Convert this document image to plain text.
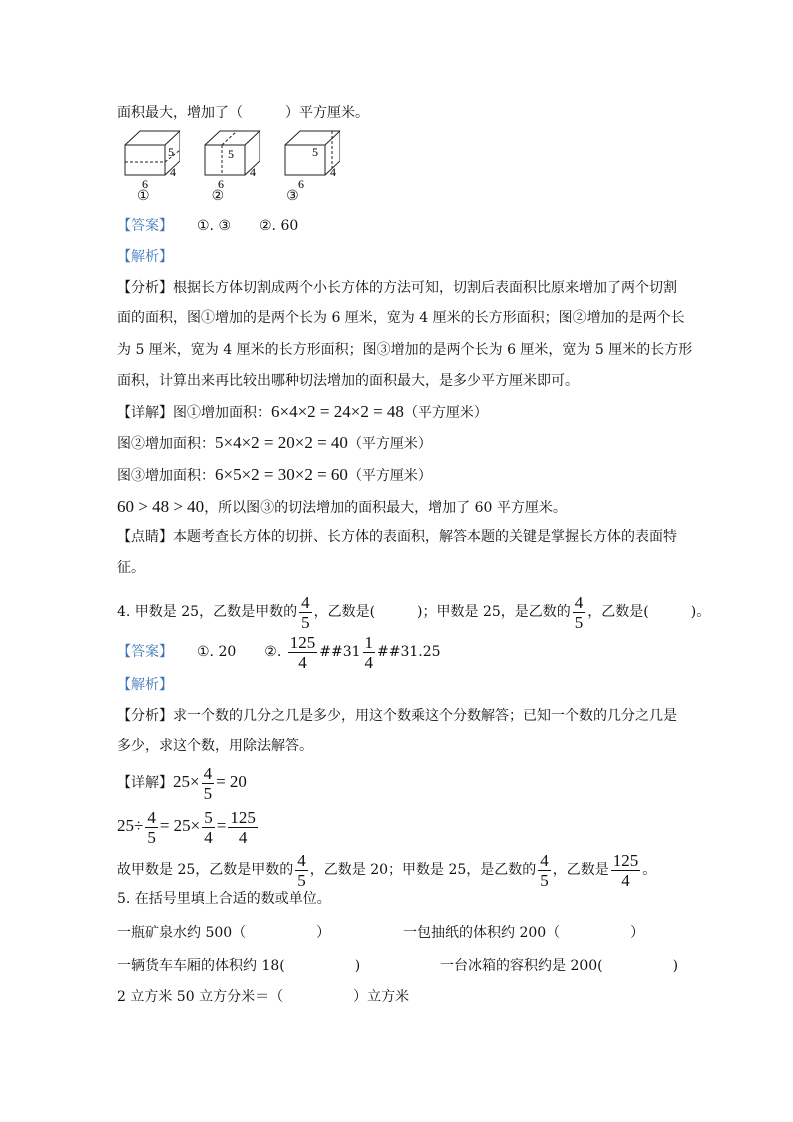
面积最大，增加了（　　　）平方厘米。
6
5
4
6
5
4
6
5
4
①	②	③
【答案】 ①. ③　　②. 60
【解析】
【分析】根据长方体切割成两个小长方体的方法可知，切割后表面积比原来增加了两个切割
面的面积，图①增加的是两个长为 6 厘米，宽为 4 厘米的长方形面积；图②增加的是两个长
为 5 厘米，宽为 4 厘米的长方形面积；图③增加的是两个长为 6 厘米，宽为 5 厘米的长方形
面积，计算出来再比较出哪种切法增加的面积最大，是多少平方厘米即可。
【详解】图①增加面积：6×4×2 = 24×2 = 48（平方厘米）
图②增加面积：5×4×2 = 20×2 = 40（平方厘米）
图③增加面积：6×5×2 = 30×2 = 60（平方厘米）
60 > 48 > 40，所以图③的切法增加的面积最大，增加了 60 平方厘米。
【点睛】本题考查长方体的切拼、长方体的表面积，解答本题的关键是掌握长方体的表面特
征。
4. 甲数是 25，乙数是甲数的 $\frac{4}{5}$ ，乙数是(　　　)；甲数是 25，是乙数的 $\frac{4}{5}$ ，乙数是(　　　)。
【答案】 ①. 20　　②. $\frac{125}{4}$ ##31 $\frac{1}{4}$ ##31.25
【解析】
【分析】求一个数的几分之几是多少，用这个数乘这个分数解答；已知一个数的几分之几是
多少，求这个数，用除法解答。
【详解】$25\times \frac{4}{5} = 20$
$25\div \frac{4}{5} = 25\times \frac{5}{4} = \frac{125}{4}$
故甲数是 25，乙数是甲数的 $\frac{4}{5}$ ，乙数是 20；甲数是 25，是乙数的 $\frac{4}{5}$ ，乙数是 $\frac{125}{4}$ 。
5. 在括号里填上合适的数或单位。
一瓶矿泉水约 500（　　　　　）	一包抽纸的体积约 200（　　　　　）
一辆货车车厢的体积约 18(　　　　　)	一台冰箱的容积约是 200(　　　　　)
2 立方米 50 立方分米＝（　　　　　）立方米
